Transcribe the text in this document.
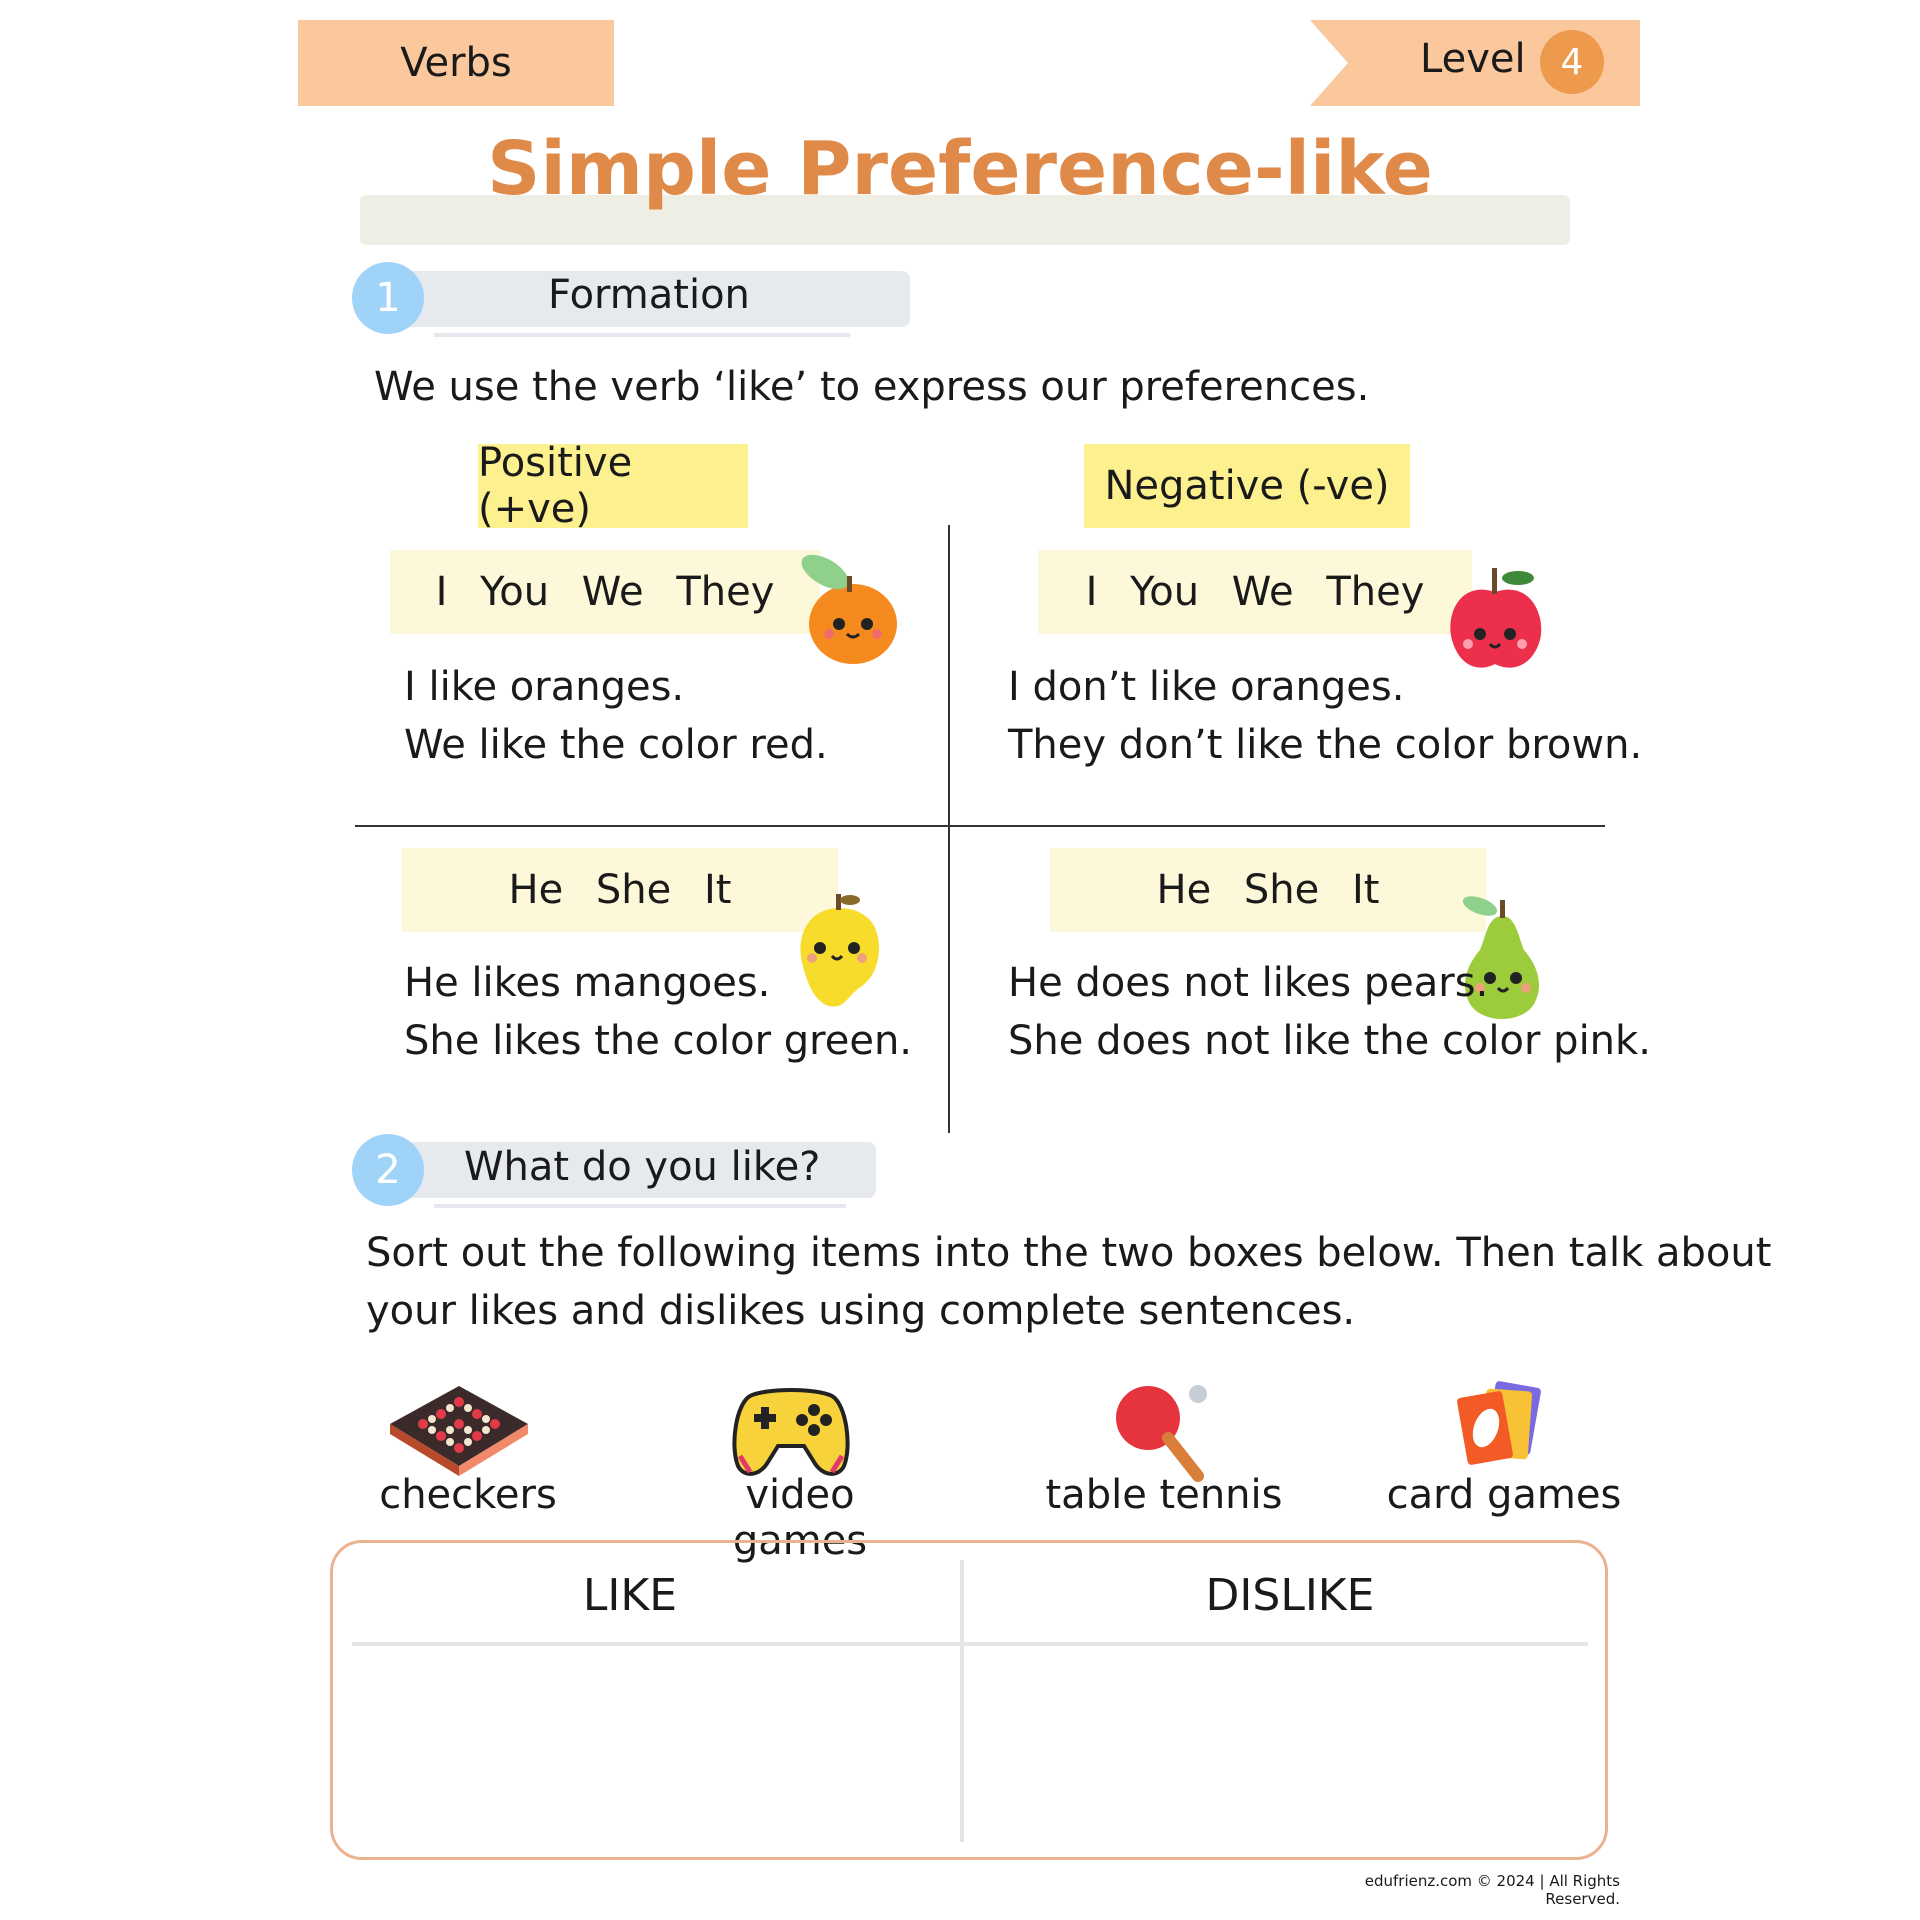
Verbs	Level 4
Simple Preference-like
1	Formation
We use the verb ‘like’ to express our preferences.
Positive (+ve)	Negative (-ve)
I You We They
I like oranges.
We like the color red.
I You We They
I don’t like oranges.
They don’t like the color brown.
He She It
He likes mangoes.
She likes the color green.
He She It
He does not likes pears.
She does not like the color pink.
2	What do you like?
Sort out the following items into the two boxes below. Then talk about
your likes and dislikes using complete sentences.
checkers	video games
table tennis	card games
LIKE	DISLIKE
edufrienz.com © 2024 | All Rights Reserved.
